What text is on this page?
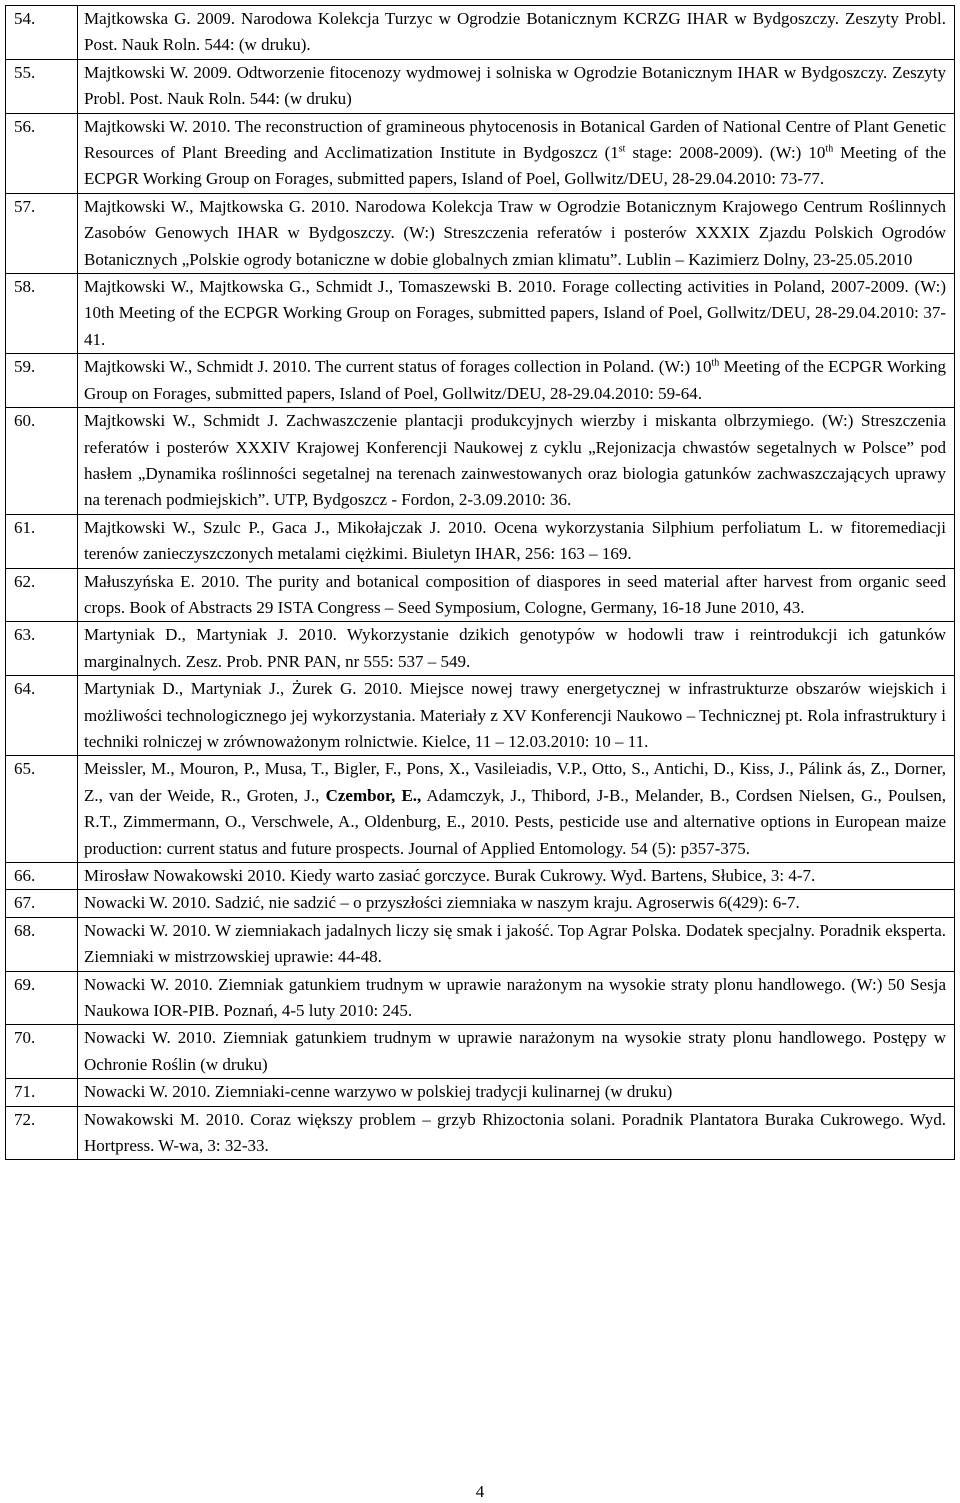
54.	Majtkowska G. 2009. Narodowa Kolekcja Turzyc w Ogrodzie Botanicznym KCRZG IHAR w Bydgoszczy. Zeszyty Probl. Post. Nauk Roln. 544: (w druku).
55.	Majtkowski W. 2009. Odtworzenie fitocenozy wydmowej i solniska w Ogrodzie Botanicznym IHAR w Bydgoszczy. Zeszyty Probl. Post. Nauk Roln. 544: (w druku)
56.	Majtkowski W. 2010. The reconstruction of gramineous phytocenosis in Botanical Garden of National Centre of Plant Genetic Resources of Plant Breeding and Acclimatization Institute in Bydgoszcz (1st stage: 2008-2009). (W:) 10th Meeting of the ECPGR Working Group on Forages, submitted papers, Island of Poel, Gollwitz/DEU, 28-29.04.2010: 73-77.
57.	Majtkowski W., Majtkowska G. 2010. Narodowa Kolekcja Traw w Ogrodzie Botanicznym Krajowego Centrum Roślinnych Zasobów Genowych IHAR w Bydgoszczy. (W:) Streszczenia referatów i posterów XXXIX Zjazdu Polskich Ogrodów Botanicznych „Polskie ogrody botaniczne w dobie globalnych zmian klimatu”. Lublin – Kazimierz Dolny, 23-25.05.2010
58.	Majtkowski W., Majtkowska G., Schmidt J., Tomaszewski B. 2010. Forage collecting activities in Poland, 2007-2009. (W:) 10th Meeting of the ECPGR Working Group on Forages, submitted papers, Island of Poel, Gollwitz/DEU, 28-29.04.2010: 37-41.
59.	Majtkowski W., Schmidt J. 2010. The current status of forages collection in Poland. (W:) 10th Meeting of the ECPGR Working Group on Forages, submitted papers, Island of Poel, Gollwitz/DEU, 28-29.04.2010: 59-64.
60.	Majtkowski W., Schmidt J. Zachwaszczenie plantacji produkcyjnych wierzby i miskanta olbrzymiego. (W:) Streszczenia referatów i posterów XXXIV Krajowej Konferencji Naukowej z cyklu „Rejonizacja chwastów segetalnych w Polsce” pod hasłem „Dynamika roślinności segetalnej na terenach zainwestowanych oraz biologia gatunków zachwaszczających uprawy na terenach podmiejskich”. UTP, Bydgoszcz - Fordon, 2-3.09.2010: 36.
61.	Majtkowski W., Szulc P., Gaca J., Mikołajczak J. 2010. Ocena wykorzystania Silphium perfoliatum L. w fitoremediacji terenów zanieczyszczonych metalami ciężkimi. Biuletyn IHAR, 256: 163 – 169.
62.	Małuszyńska E. 2010. The purity and botanical composition of diaspores in seed material after harvest from organic seed crops. Book of Abstracts 29 ISTA Congress – Seed Symposium, Cologne, Germany, 16-18 June 2010, 43.
63.	Martyniak D., Martyniak J. 2010. Wykorzystanie dzikich genotypów w hodowli traw i reintrodukcji ich gatunków marginalnych. Zesz. Prob. PNR PAN, nr 555: 537 – 549.
64.	Martyniak D., Martyniak J., Żurek G. 2010. Miejsce nowej trawy energetycznej w infrastrukturze obszarów wiejskich i możliwości technologicznego jej wykorzystania. Materiały z XV Konferencji Naukowo – Technicznej pt. Rola infrastruktury i techniki rolniczej w zrównoważonym rolnictwie. Kielce, 11 – 12.03.2010: 10 – 11.
65.	Meissler, M., Mouron, P., Musa, T., Bigler, F., Pons, X., Vasileiadis, V.P., Otto, S., Antichi, D., Kiss, J., Pálink ás, Z., Dorner, Z., van der Weide, R., Groten, J., Czembor, E., Adamczyk, J., Thibord, J-B., Melander, B., Cordsen Nielsen, G., Poulsen, R.T., Zimmermann, O., Verschwele, A., Oldenburg, E., 2010. Pests, pesticide use and alternative options in European maize production: current status and future prospects. Journal of Applied Entomology. 54 (5): p357-375.
66.	Mirosław Nowakowski 2010. Kiedy warto zasiać gorczyce. Burak Cukrowy. Wyd. Bartens, Słubice, 3: 4-7.
67.	Nowacki W. 2010. Sadzić, nie sadzić – o przyszłości ziemniaka w naszym kraju. Agroserwis 6(429): 6-7.
68.	Nowacki W. 2010. W ziemniakach jadalnych liczy się smak i jakość. Top Agrar Polska. Dodatek specjalny. Poradnik eksperta. Ziemniaki w mistrzowskiej uprawie: 44-48.
69.	Nowacki W. 2010. Ziemniak gatunkiem trudnym w uprawie narażonym na wysokie straty plonu handlowego. (W:) 50 Sesja Naukowa IOR-PIB. Poznań, 4-5 luty 2010: 245.
70.	Nowacki W. 2010. Ziemniak gatunkiem trudnym w uprawie narażonym na wysokie straty plonu handlowego. Postępy w Ochronie Roślin (w druku)
71.	Nowacki W. 2010. Ziemniaki-cenne warzywo w polskiej tradycji kulinarnej (w druku)
72.	Nowakowski M. 2010. Coraz większy problem – grzyb Rhizoctonia solani. Poradnik Plantatora Buraka Cukrowego. Wyd. Hortpress. W-wa, 3: 32-33.
4
